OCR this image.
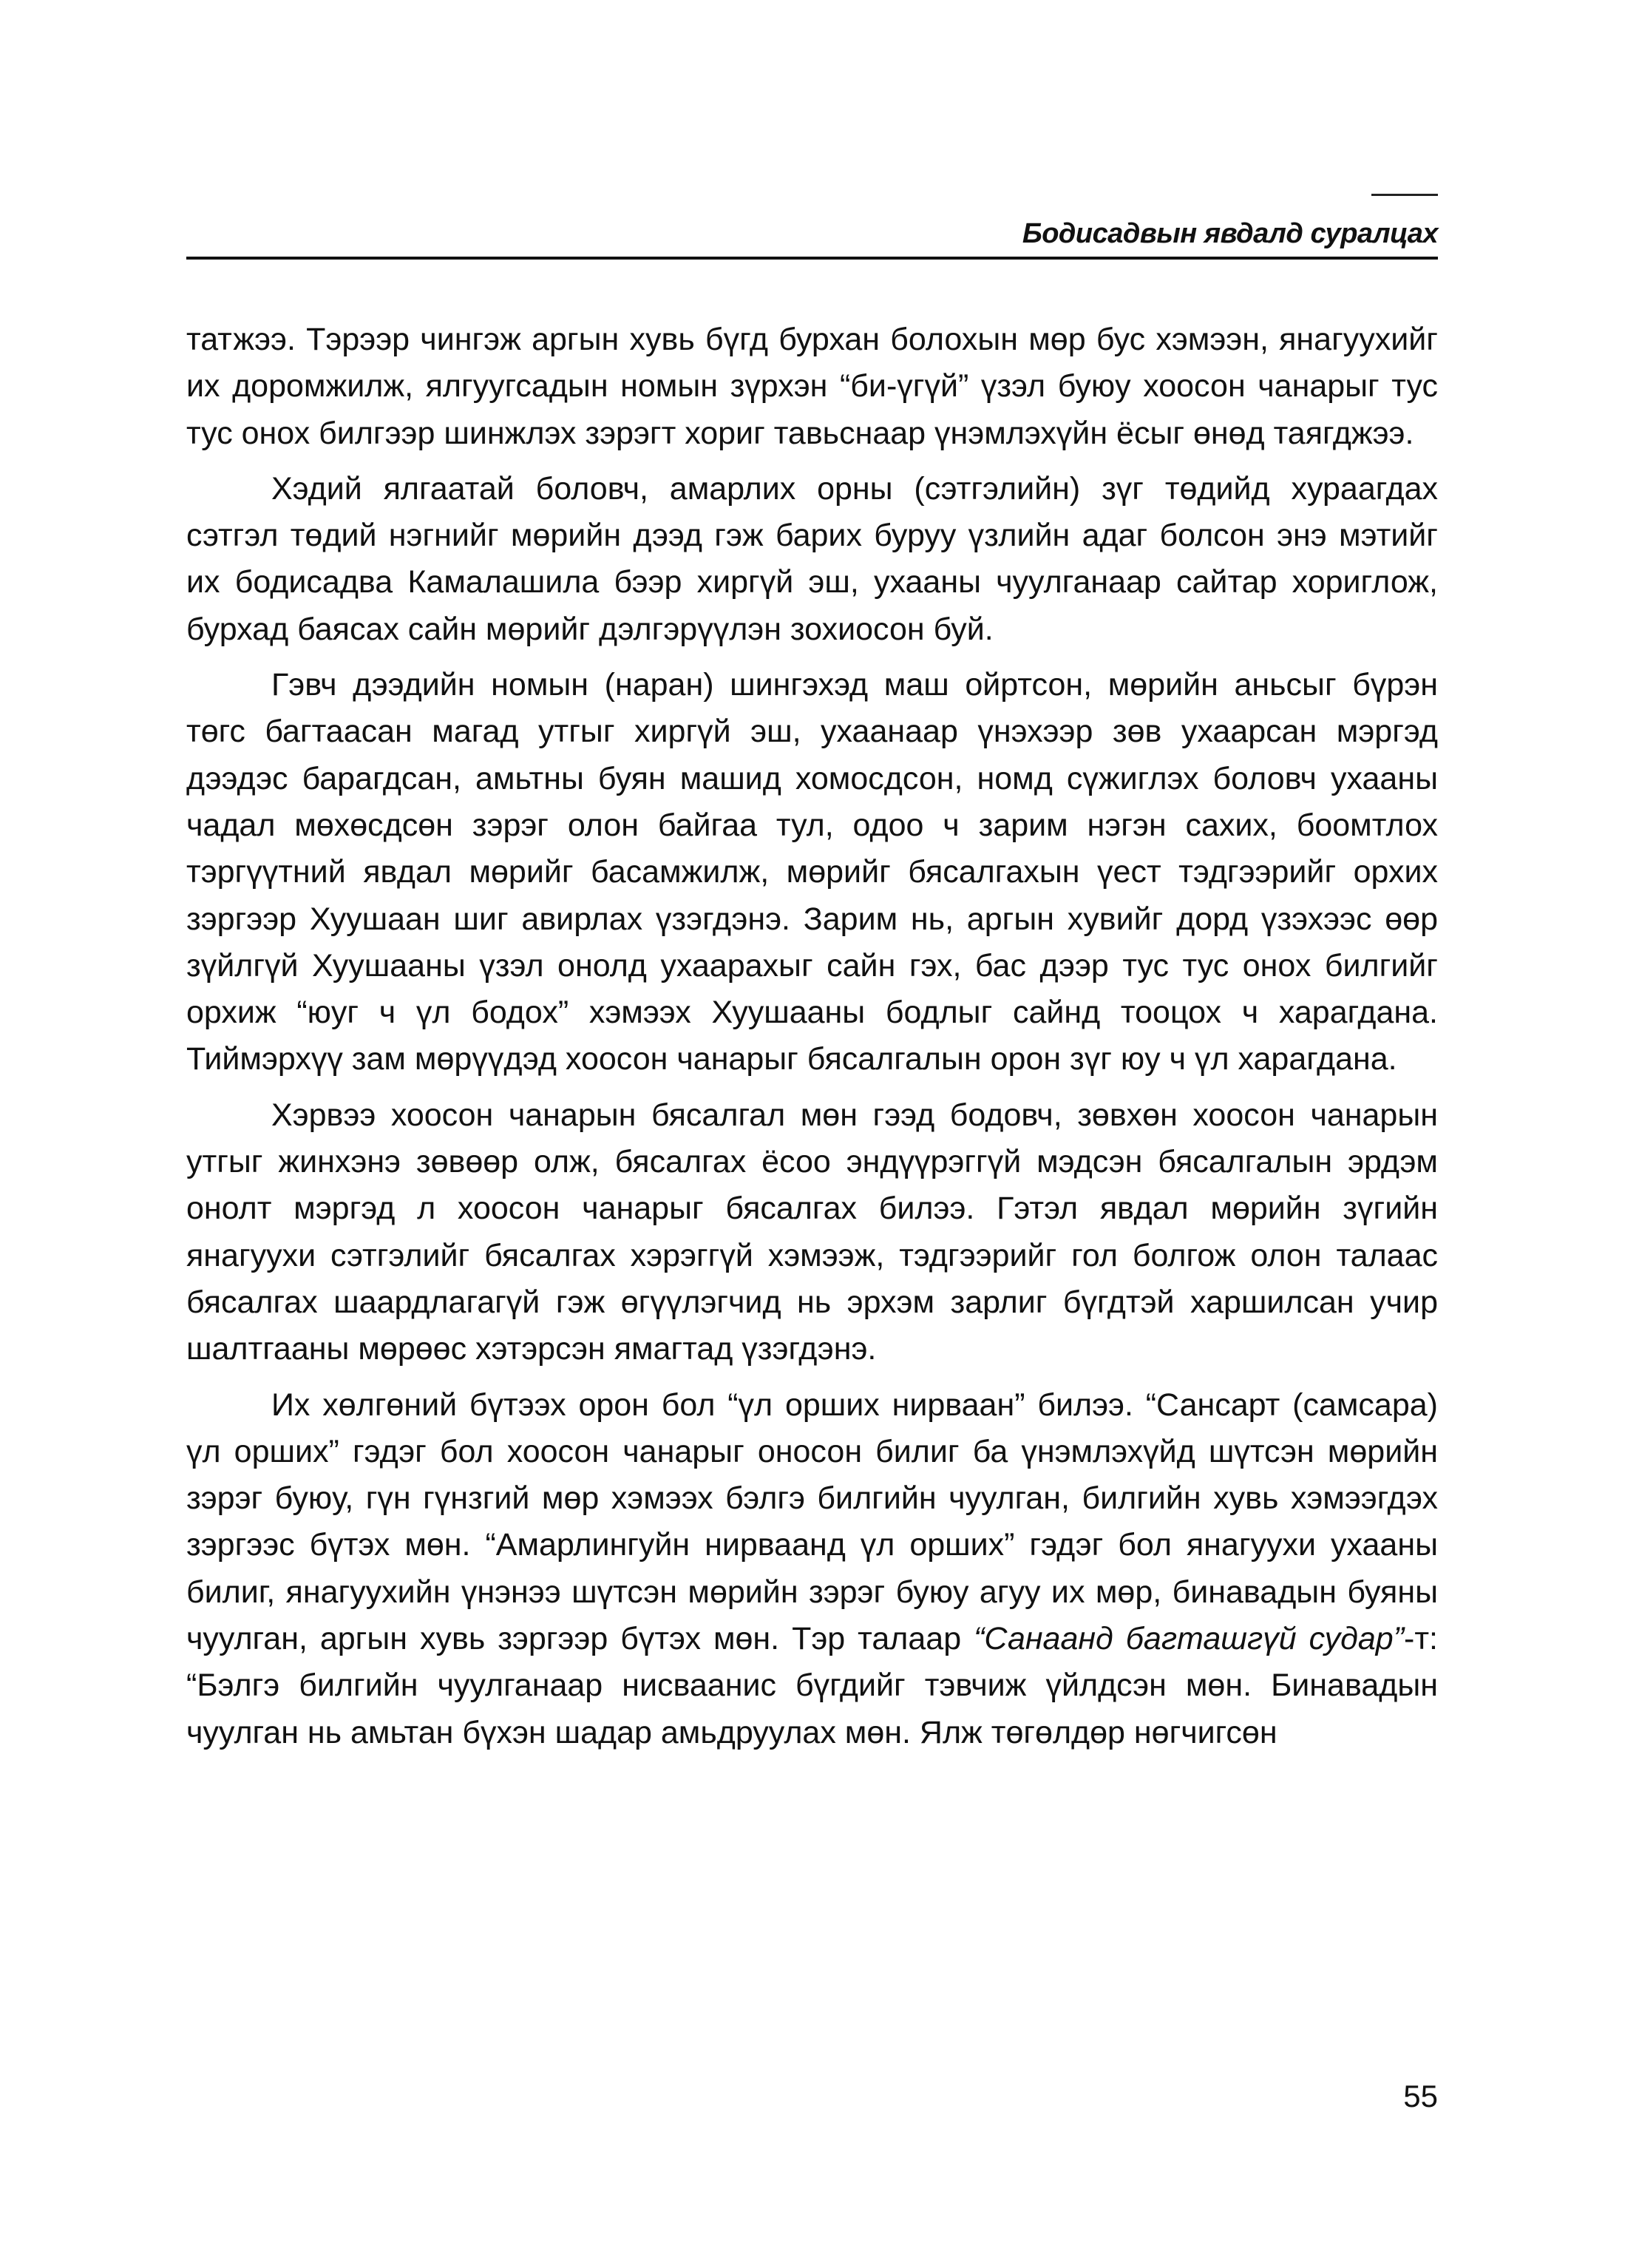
Бодисадвын явдалд суралцах

татжээ. Тэрээр чингэж аргын хувь бүгд бурхан болохын мөр бус хэмээн, янагуухийг их доромжилж, ялгуугсадын номын зүрхэн “би-үгүй” үзэл буюу хоосон чанарыг тус тус онох билгээр шинжлэх зэрэгт хориг тавьснаар үнэмлэхүйн ёсыг өнөд таягджээ.

Хэдий ялгаатай боловч, амарлих орны (сэтгэлийн) зүг төдийд хураагдах сэтгэл төдий нэгнийг мөрийн дээд гэж барих буруу үзлийн адаг болсон энэ мэтийг их бодисадва Камалашила бээр хиргүй эш, ухааны чуулганаар сайтар хориглож, бурхад баясах сайн мөрийг дэлгэрүүлэн зохиосон буй.

Гэвч дээдийн номын (наран) шингэхэд маш ойртсон, мөрийн аньсыг бүрэн төгс багтаасан магад утгыг хиргүй эш, ухаанаар үнэхээр зөв ухаарсан мэргэд дээдэс барагдсан, амьтны буян машид хомосдсон, номд сүжиглэх боловч ухааны чадал мөхөсдсөн зэрэг олон байгаа тул, одоо ч зарим нэгэн сахих, боомтлох тэргүүтний явдал мөрийг басамжилж, мөрийг бясалгахын үест тэдгээрийг орхих зэргээр Хуушаан шиг авирлах үзэгдэнэ. Зарим нь, аргын хувийг дорд үзэхээс өөр зүйлгүй Хуушааны үзэл онолд ухаарахыг сайн гэх, бас дээр тус тус онох билгийг орхиж “юуг ч үл бодох” хэмээх Хуушааны бодлыг сайнд тооцох ч харагдана. Тиймэрхүү зам мөрүүдэд хоосон чанарыг бясалгалын орон зүг юу ч үл харагдана.

Хэрвээ хоосон чанарын бясалгал мөн гээд бодовч, зөвхөн хоосон чанарын утгыг жинхэнэ зөвөөр олж, бясалгах ёсоо эндүүрэггүй мэдсэн бясалгалын эрдэм онолт мэргэд л хоосон чанарыг бясалгах билээ. Гэтэл явдал мөрийн зүгийн янагуухи сэтгэлийг бясалгах хэрэггүй хэмээж, тэдгээрийг гол болгож олон талаас бясалгах шаардлагагүй гэж өгүүлэгчид нь эрхэм зарлиг бүгдтэй харшилсан учир шалтгааны мөрөөс хэтэрсэн ямагтад үзэгдэнэ.

Их хөлгөний бүтээх орон бол “үл орших нирваан” билээ. “Сансарт (самсара) үл орших” гэдэг бол хоосон чанарыг оносон билиг ба үнэмлэхүйд шүтсэн мөрийн зэрэг буюу, гүн гүнзгий мөр хэмээх бэлгэ билгийн чуулган, билгийн хувь хэмээгдэх зэргээс бүтэх мөн. “Амарлингуйн нирваанд үл орших” гэдэг бол янагуухи ухааны билиг, янагуухийн үнэнээ шүтсэн мөрийн зэрэг буюу агуу их мөр, бинавадын буяны чуулган, аргын хувь зэргээр бүтэх мөн. Тэр талаар “Санаанд багташгүй судар”-т: “Бэлгэ билгийн чуулганаар нисваанис бүгдийг тэвчиж үйлдсэн мөн. Бинавадын чуулган нь амьтан бүхэн шадар амьдруулах мөн. Ялж төгөлдөр нөгчигсөн

55
